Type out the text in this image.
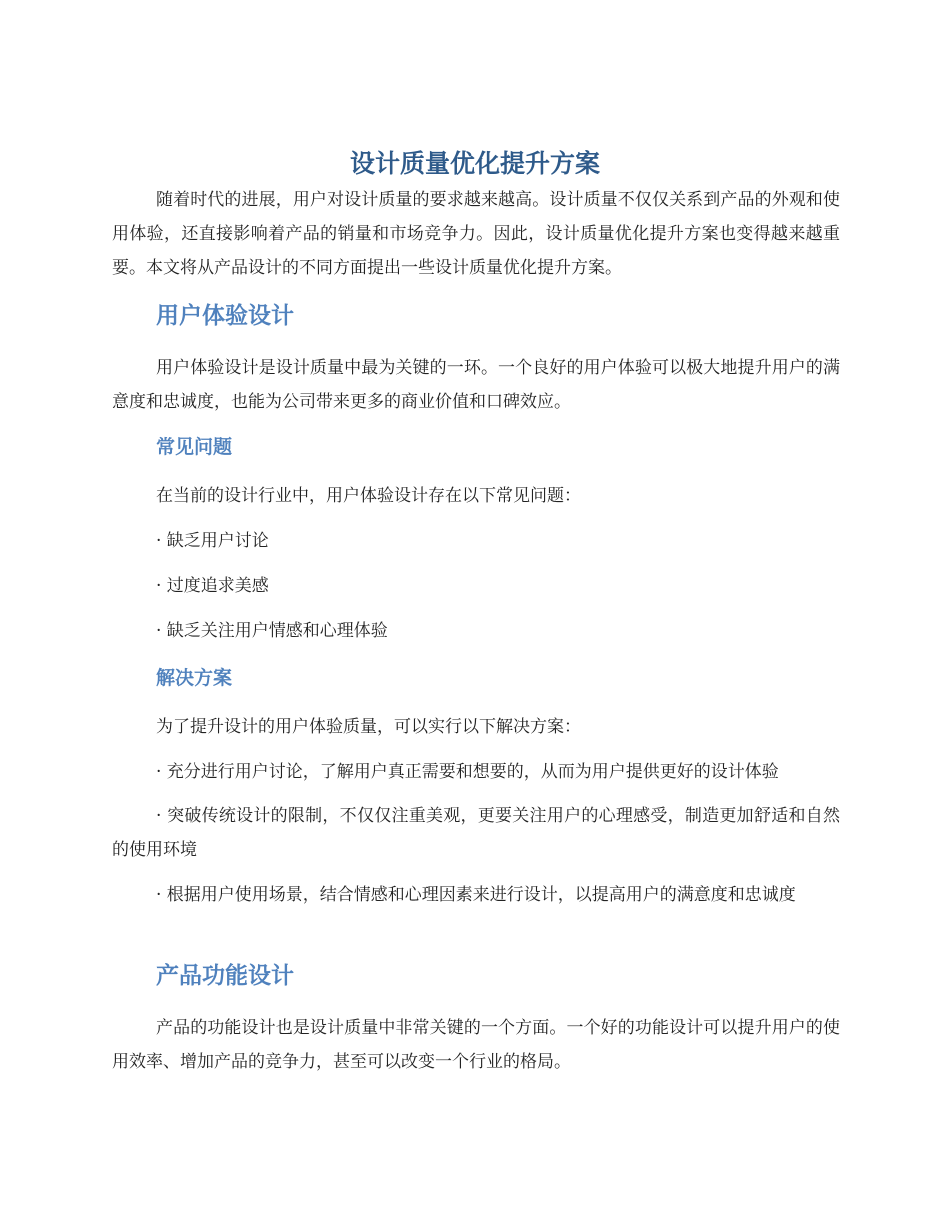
设计质量优化提升方案
随着时代的进展，用户对设计质量的要求越来越高。设计质量不仅仅关系到产品的外观和使用体验，还直接影响着产品的销量和市场竞争力。因此，设计质量优化提升方案也变得越来越重要。本文将从产品设计的不同方面提出一些设计质量优化提升方案。
用户体验设计
用户体验设计是设计质量中最为关键的一环。一个良好的用户体验可以极大地提升用户的满意度和忠诚度，也能为公司带来更多的商业价值和口碑效应。
常见问题
在当前的设计行业中，用户体验设计存在以下常见问题：
· 缺乏用户讨论
· 过度追求美感
· 缺乏关注用户情感和心理体验
解决方案
为了提升设计的用户体验质量，可以实行以下解决方案：
· 充分进行用户讨论，了解用户真正需要和想要的，从而为用户提供更好的设计体验
· 突破传统设计的限制，不仅仅注重美观，更要关注用户的心理感受，制造更加舒适和自然的使用环境
· 根据用户使用场景，结合情感和心理因素来进行设计，以提高用户的满意度和忠诚度
产品功能设计
产品的功能设计也是设计质量中非常关键的一个方面。一个好的功能设计可以提升用户的使用效率、增加产品的竞争力，甚至可以改变一个行业的格局。
